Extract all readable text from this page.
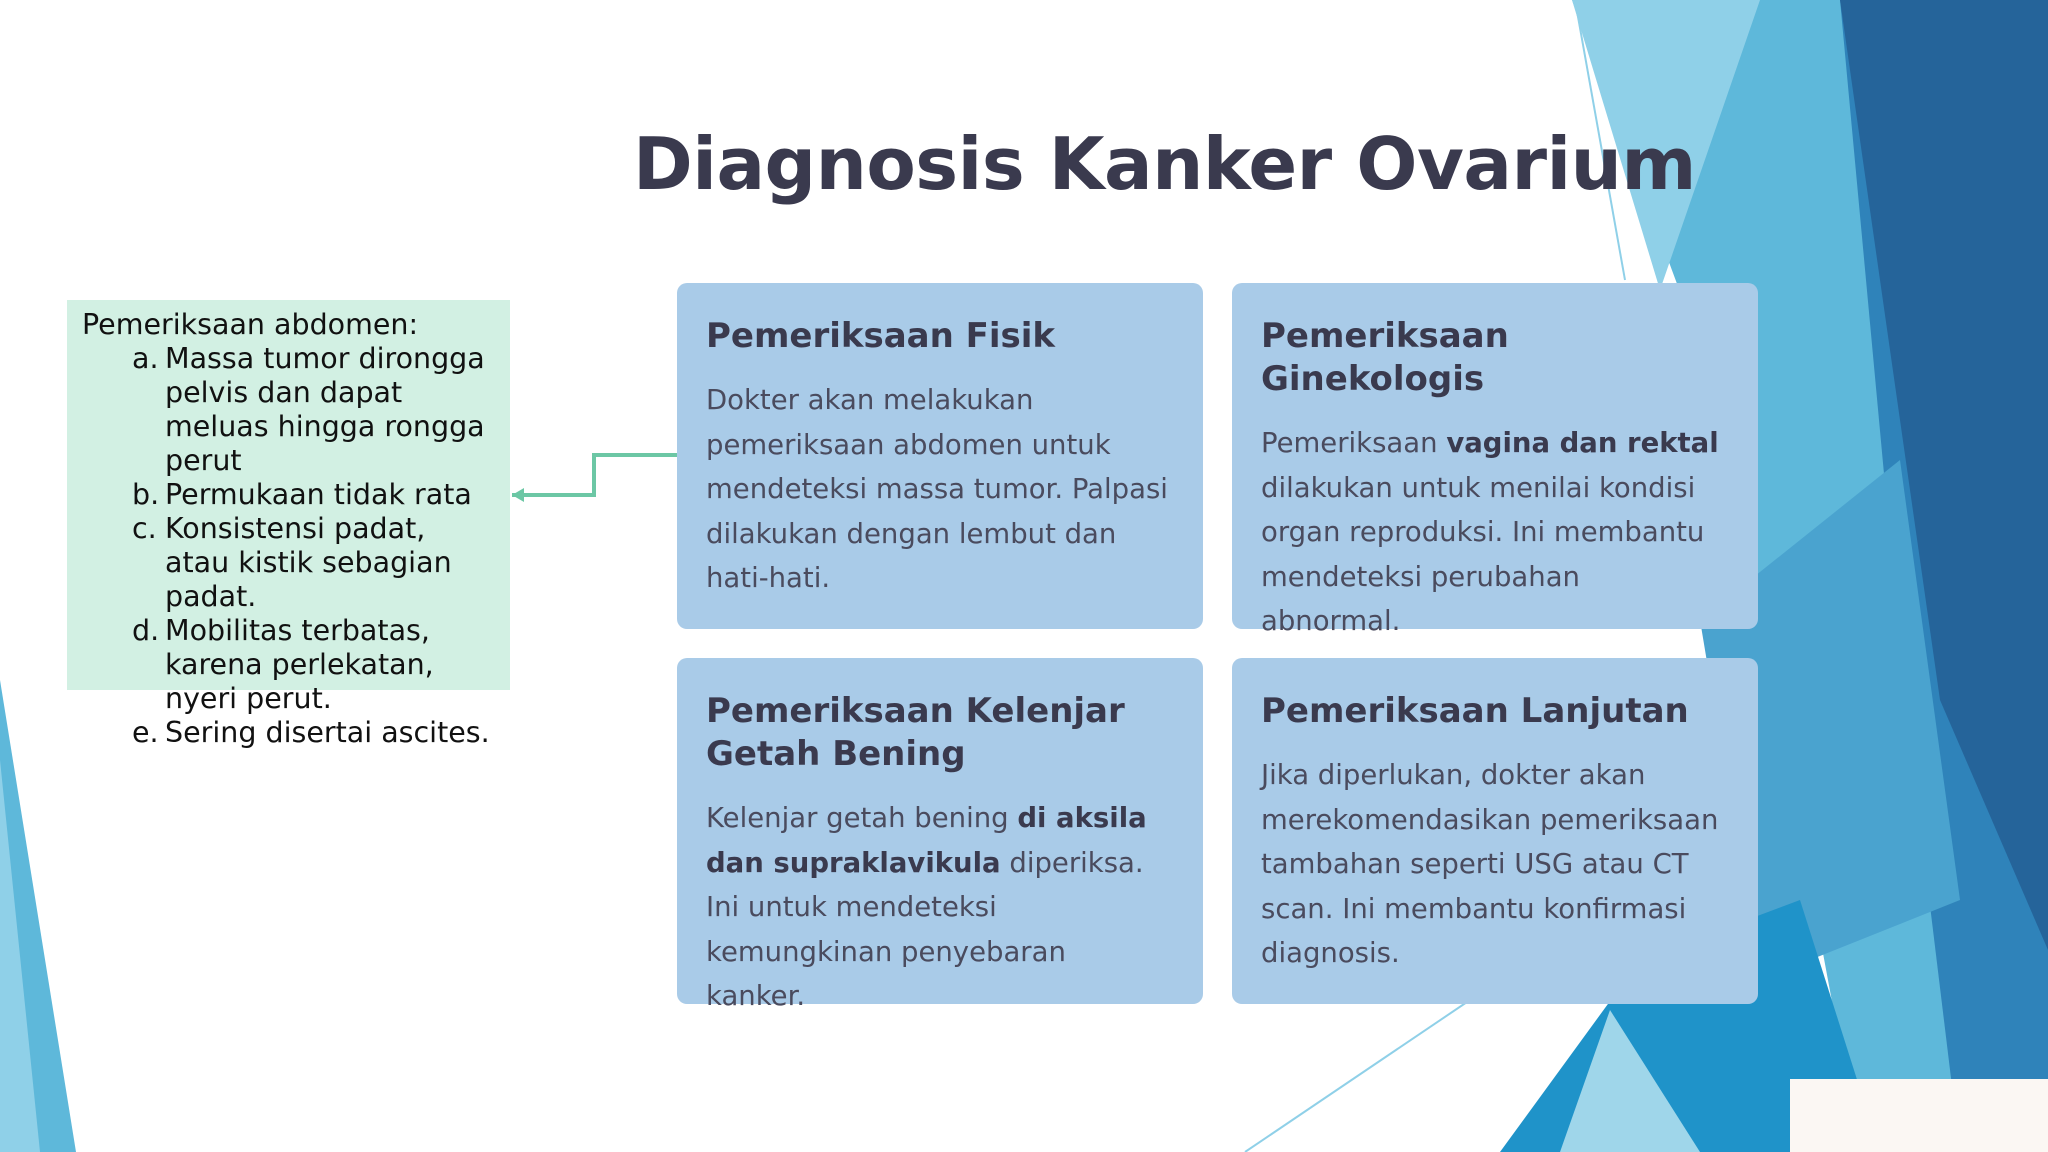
Diagnosis Kanker Ovarium
Pemeriksaan abdomen:
a. Massa tumor dirongga pelvis dan dapat meluas hingga rongga perut
b. Permukaan tidak rata
c. Konsistensi padat, atau kistik sebagian padat.
d. Mobilitas terbatas, karena perlekatan, nyeri perut.
e. Sering disertai ascites.
Pemeriksaan Fisik

Dokter akan melakukan pemeriksaan abdomen untuk mendeteksi massa tumor. Palpasi dilakukan dengan lembut dan hati-hati.

Pemeriksaan Ginekologis

Pemeriksaan vagina dan rektal dilakukan untuk menilai kondisi organ reproduksi. Ini membantu mendeteksi perubahan abnormal.

Pemeriksaan Kelenjar Getah Bening

Kelenjar getah bening di aksila dan supraklavikula diperiksa. Ini untuk mendeteksi kemungkinan penyebaran kanker.

Pemeriksaan Lanjutan

Jika diperlukan, dokter akan merekomendasikan pemeriksaan tambahan seperti USG atau CT scan. Ini membantu konfirmasi diagnosis.
